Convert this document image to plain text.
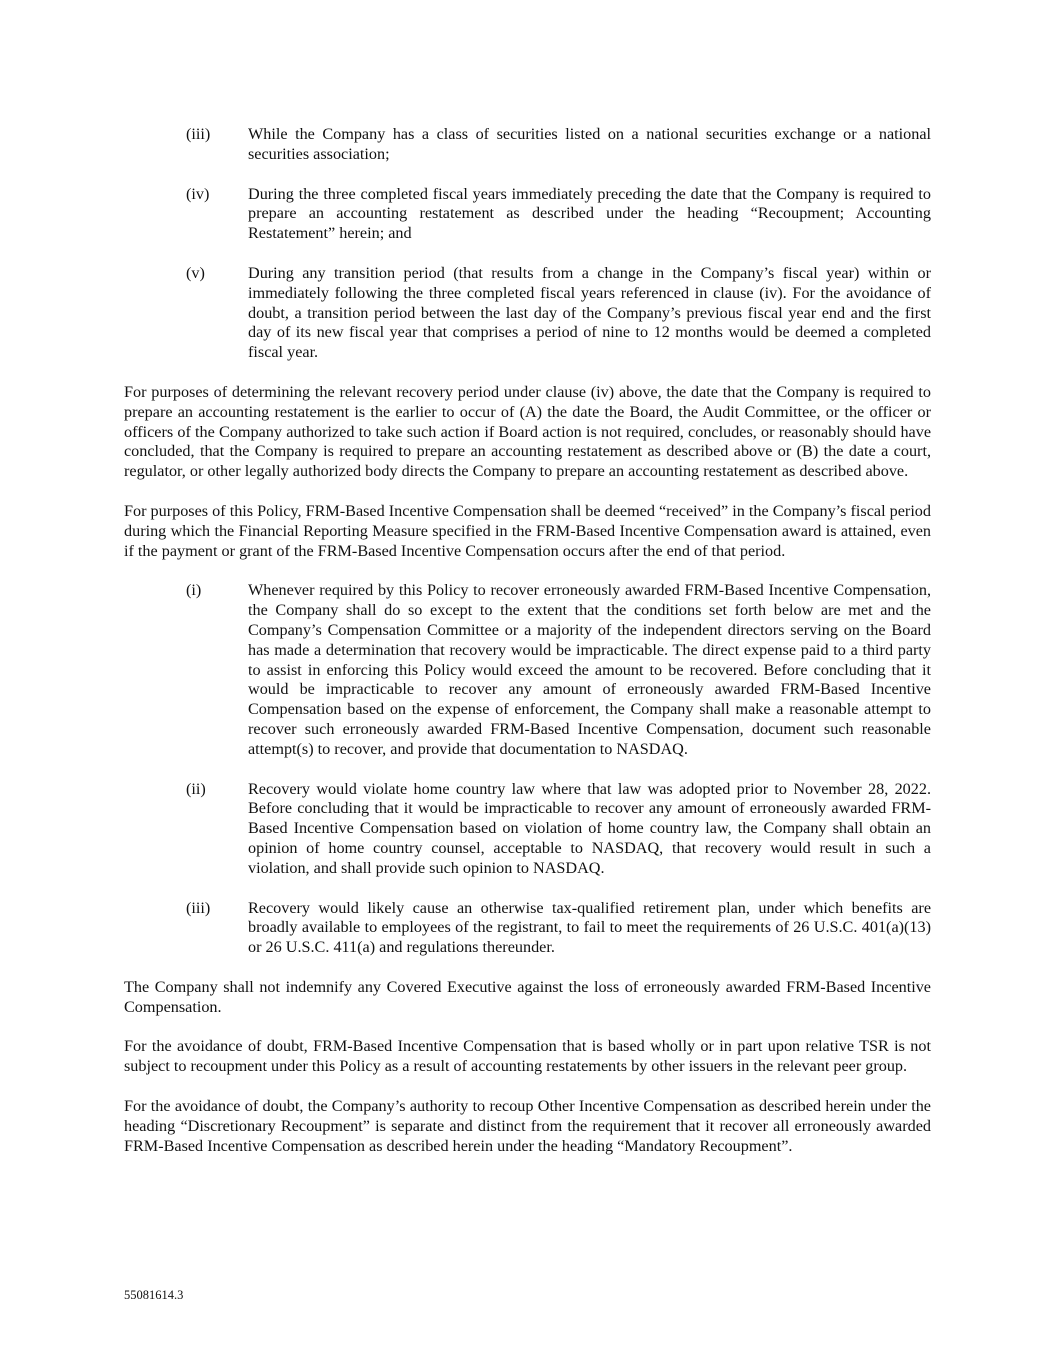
(iii) While the Company has a class of securities listed on a national securities exchange or a national securities association;
(iv) During the three completed fiscal years immediately preceding the date that the Company is required to prepare an accounting restatement as described under the heading “Recoupment; Accounting Restatement” herein; and
(v)	During any transition period (that results from a change in the Company’s fiscal year) within or immediately following the three completed fiscal years referenced in clause (iv). For the avoidance of doubt, a transition period between the last day of the Company’s previous fiscal year end and the first day of its new fiscal year that comprises a period of nine to 12 months would be deemed a completed fiscal year.

For purposes of determining the relevant recovery period under clause (iv) above, the date that the Company is required to prepare an accounting restatement is the earlier to occur of (A) the date the Board, the Audit Committee, or the officer or officers of the Company authorized to take such action if Board action is not required, concludes, or reasonably should have concluded, that the Company is required to prepare an accounting restatement as described above or (B) the date a court, regulator, or other legally authorized body directs the Company to prepare an accounting restatement as described above.

For purposes of this Policy, FRM-Based Incentive Compensation shall be deemed “received” in the Company’s fiscal period during which the Financial Reporting Measure specified in the FRM-Based Incentive Compensation award is attained, even if the payment or grant of the FRM-Based Incentive Compensation occurs after the end of that period.

(i)	Whenever required by this Policy to recover erroneously awarded FRM-Based Incentive Compensation, the Company shall do so except to the extent that the conditions set forth below are met and the Company’s Compensation Committee or a majority of the independent directors serving on the Board has made a determination that recovery would be impracticable. The direct expense paid to a third party to assist in enforcing this Policy would exceed the amount to be recovered. Before concluding that it would be impracticable to recover any amount of erroneously awarded FRM-Based Incentive Compensation based on the expense of enforcement, the Company shall make a reasonable attempt to recover such erroneously awarded FRM-Based Incentive Compensation, document such reasonable attempt(s) to recover, and provide that documentation to NASDAQ.
(ii)	Recovery would violate home country law where that law was adopted prior to November 28, 2022. Before concluding that it would be impracticable to recover any amount of erroneously awarded FRM-Based Incentive Compensation based on violation of home country law, the Company shall obtain an opinion of home country counsel, acceptable to NASDAQ, that recovery would result in such a violation, and shall provide such opinion to NASDAQ.
(iii) Recovery would likely cause an otherwise tax-qualified retirement plan, under which benefits are broadly available to employees of the registrant, to fail to meet the requirements of 26 U.S.C. 401(a)(13) or 26 U.S.C. 411(a) and regulations thereunder.

The Company shall not indemnify any Covered Executive against the loss of erroneously awarded FRM-Based Incentive Compensation.

For the avoidance of doubt, FRM-Based Incentive Compensation that is based wholly or in part upon relative TSR is not subject to recoupment under this Policy as a result of accounting restatements by other issuers in the relevant peer group.

For the avoidance of doubt, the Company’s authority to recoup Other Incentive Compensation as described herein under the heading “Discretionary Recoupment” is separate and distinct from the requirement that it recover all erroneously awarded FRM-Based Incentive Compensation as described herein under the heading “Mandatory Recoupment”.

55081614.3
